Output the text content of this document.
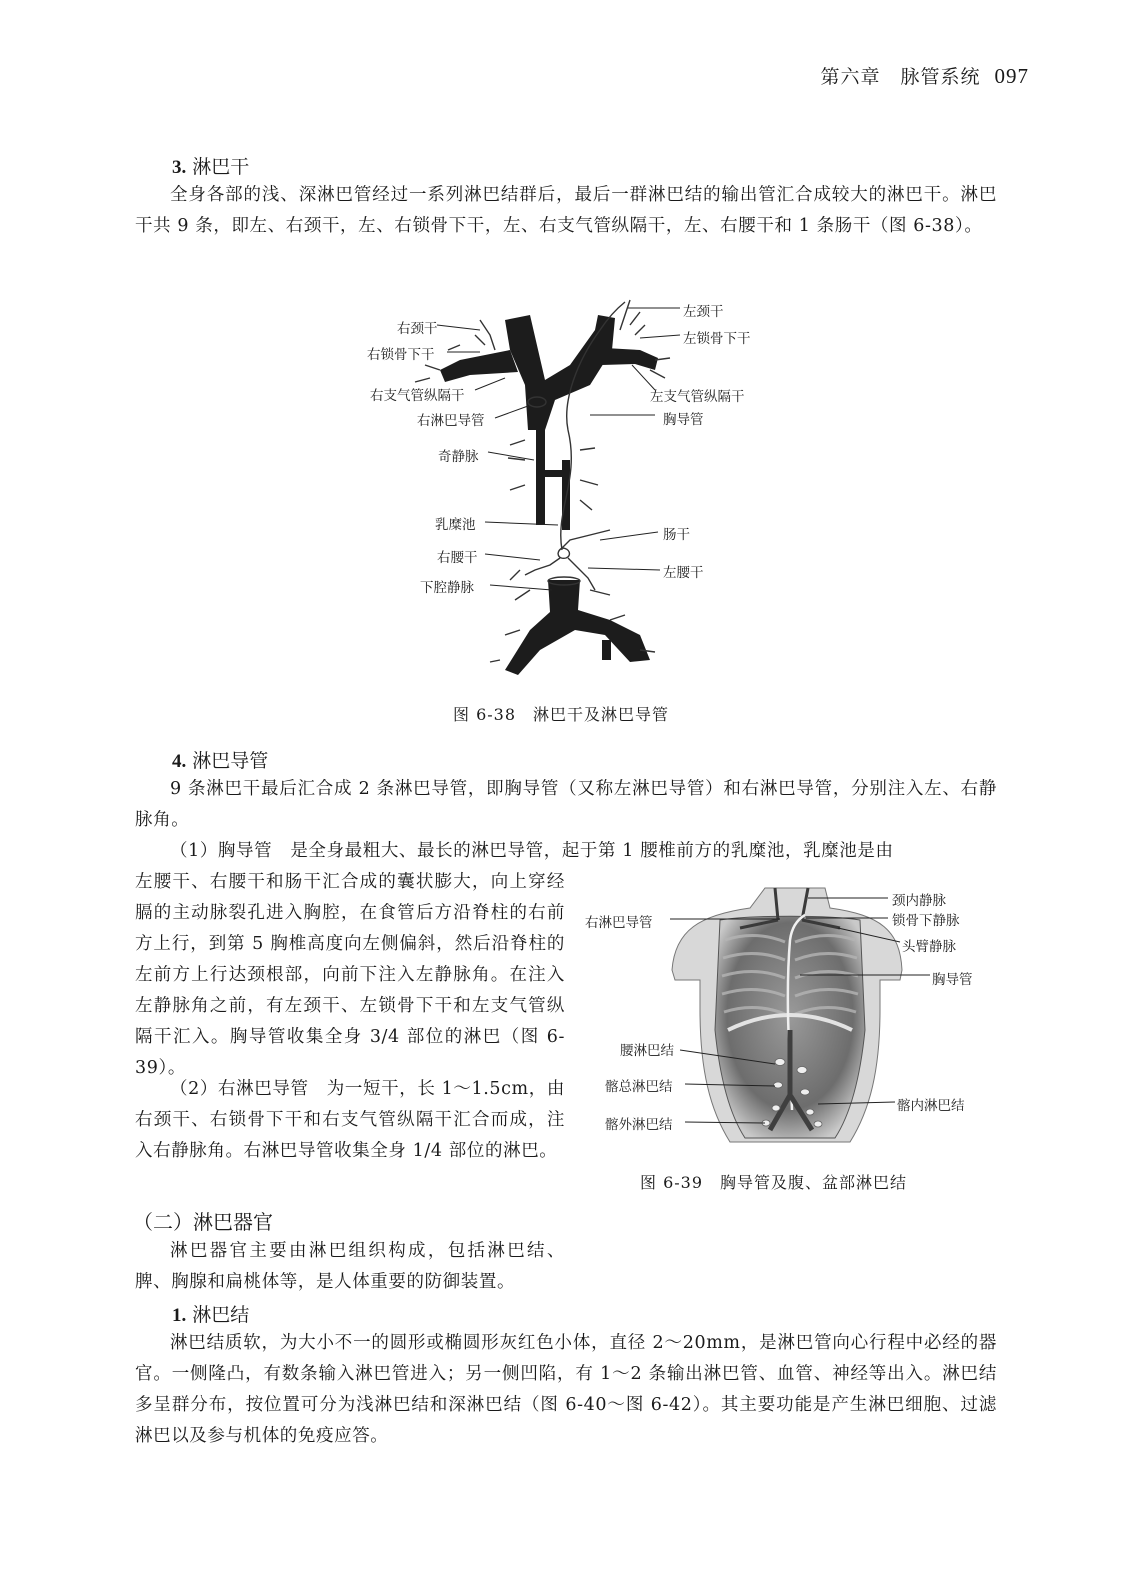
第六章　脉管系统 097
3. 淋巴干

全身各部的浅、深淋巴管经过一系列淋巴结群后，最后一群淋巴结的输出管汇合成较大的淋巴干。淋巴干共 9 条，即左、右颈干，左、右锁骨下干，左、右支气管纵隔干，左、右腰干和 1 条肠干（图 6-38）。

右颈干
右锁骨下干
右支气管纵隔干
右淋巴导管
奇静脉
乳糜池
右腰干
下腔静脉
左颈干
左锁骨下干
左支气管纵隔干
胸导管
肠干
左腰干
图 6-38　淋巴干及淋巴导管
4. 淋巴导管

9 条淋巴干最后汇合成 2 条淋巴导管，即胸导管（又称左淋巴导管）和右淋巴导管，分别注入左、右静脉角。

（1）胸导管　是全身最粗大、最长的淋巴导管，起于第 1 腰椎前方的乳糜池，乳糜池是由

左腰干、右腰干和肠干汇合成的囊状膨大，向上穿经膈的主动脉裂孔进入胸腔，在食管后方沿脊柱的右前方上行，到第 5 胸椎高度向左侧偏斜，然后沿脊柱的左前方上行达颈根部，向前下注入左静脉角。在注入左静脉角之前，有左颈干、左锁骨下干和左支气管纵隔干汇入。胸导管收集全身 3/4 部位的淋巴（图 6-39）。

（2）右淋巴导管　为一短干，长 1～1.5cm，由右颈干、右锁骨下干和右支气管纵隔干汇合而成，注入右静脉角。右淋巴导管收集全身 1/4 部位的淋巴。

右淋巴导管
腰淋巴结
髂总淋巴结
髂外淋巴结
颈内静脉
锁骨下静脉
头臂静脉
胸导管
髂内淋巴结
图 6-39　胸导管及腹、盆部淋巴结
（二）淋巴器官

淋巴器官主要由淋巴组织构成，包括淋巴结、脾、胸腺和扁桃体等，是人体重要的防御装置。

1. 淋巴结

淋巴结质软，为大小不一的圆形或椭圆形灰红色小体，直径 2～20mm，是淋巴管向心行程中必经的器官。一侧隆凸，有数条输入淋巴管进入；另一侧凹陷，有 1～2 条输出淋巴管、血管、神经等出入。淋巴结多呈群分布，按位置可分为浅淋巴结和深淋巴结（图 6-40～图 6-42）。其主要功能是产生淋巴细胞、过滤淋巴以及参与机体的免疫应答。
